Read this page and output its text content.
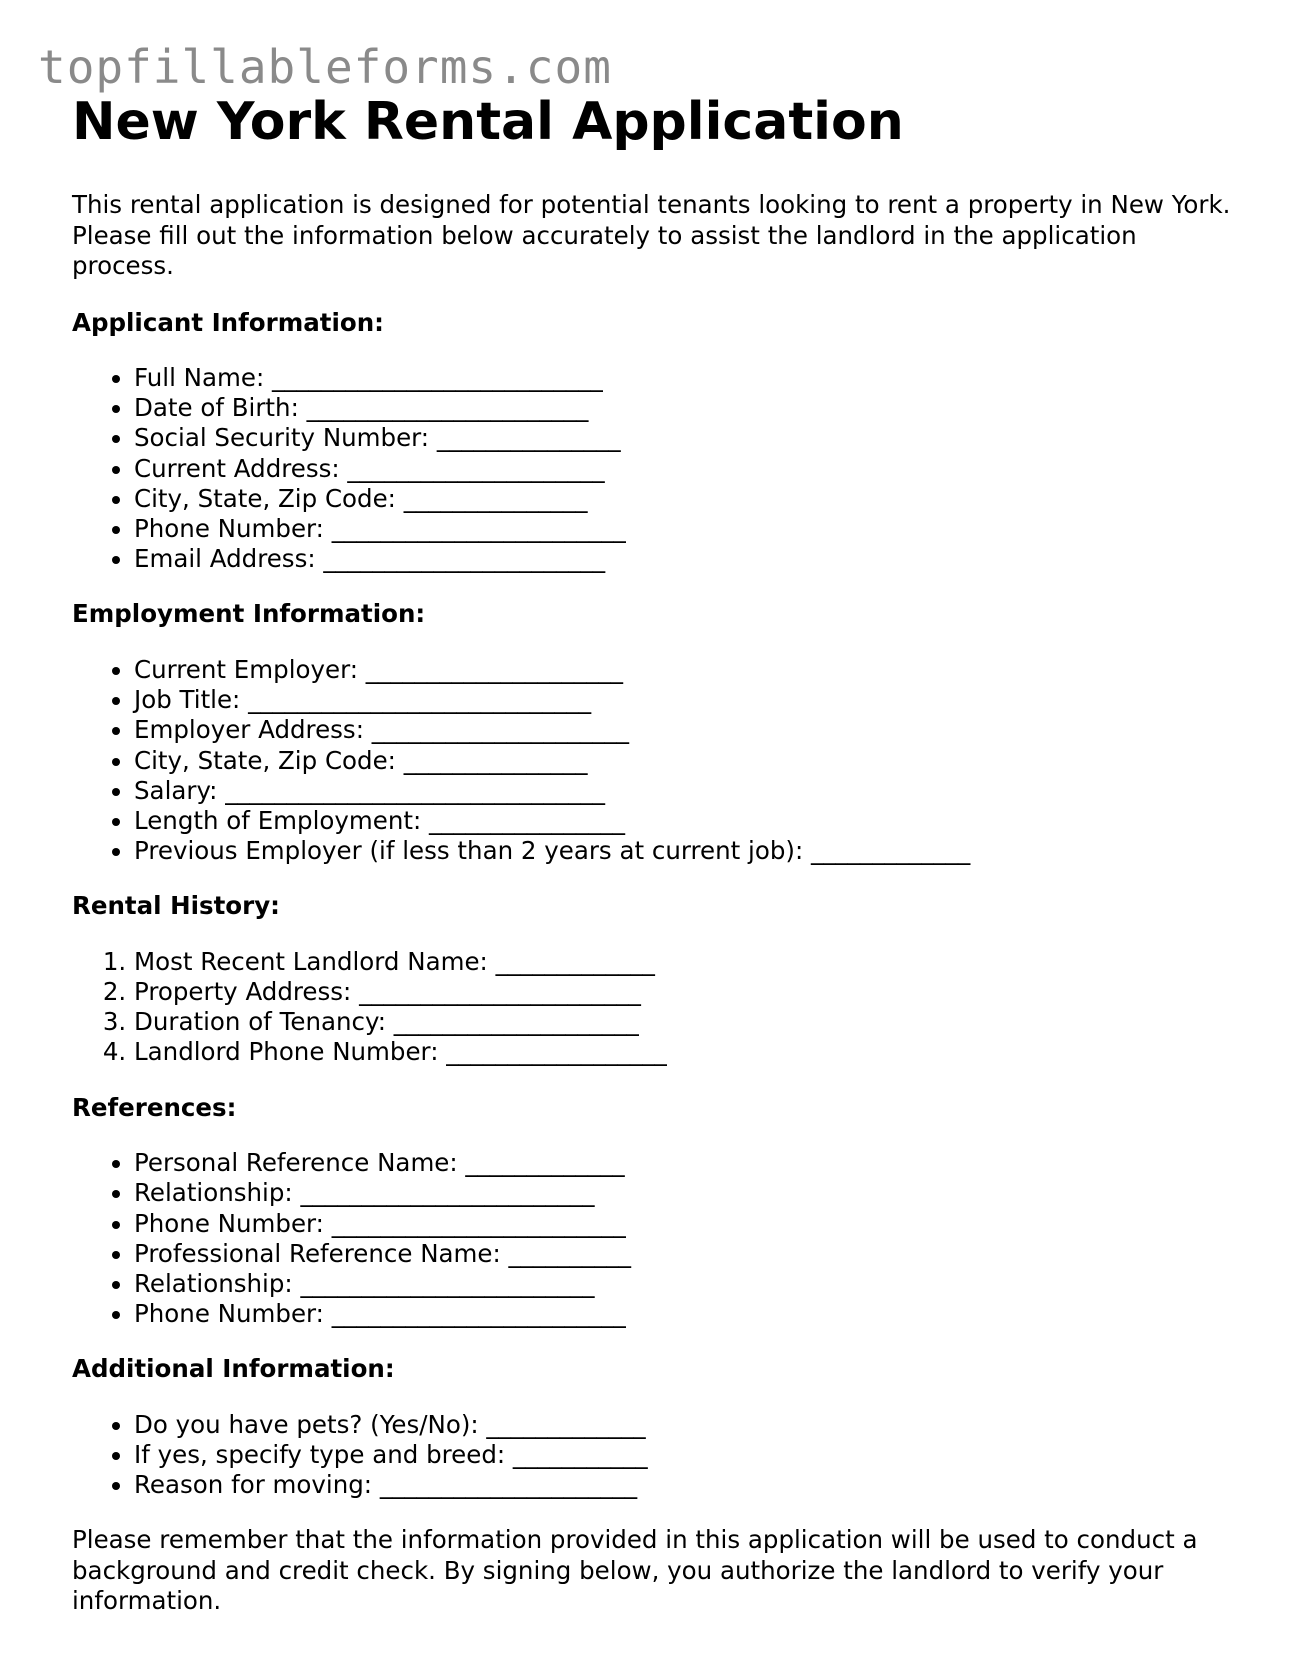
topfillableforms.com
New York Rental Application

This rental application is designed for potential tenants looking to rent a property in New York. Please fill out the information below accurately to assist the landlord in the application process.

Applicant Information:
• Full Name: ___________________________
• Date of Birth: _______________________
• Social Security Number: _______________
• Current Address: _____________________
• City, State, Zip Code: _______________
• Phone Number: ________________________
• Email Address: _______________________
Employment Information:
• Current Employer: _____________________
• Job Title: ____________________________
• Employer Address: _____________________
• City, State, Zip Code: _______________
• Salary: _______________________________
• Length of Employment: ________________
• Previous Employer (if less than 2 years at current job): _____________
Rental History:
1. Most Recent Landlord Name: _____________
2. Property Address: _______________________
3. Duration of Tenancy: ____________________
4. Landlord Phone Number: __________________
References:
• Personal Reference Name: _____________
• Relationship: ________________________
• Phone Number: ________________________
• Professional Reference Name: __________
• Relationship: ________________________
• Phone Number: ________________________
Additional Information:
• Do you have pets? (Yes/No): _____________
• If yes, specify type and breed: ___________
• Reason for moving: _____________________

Please remember that the information provided in this application will be used to conduct a background and credit check. By signing below, you authorize the landlord to verify your information.
